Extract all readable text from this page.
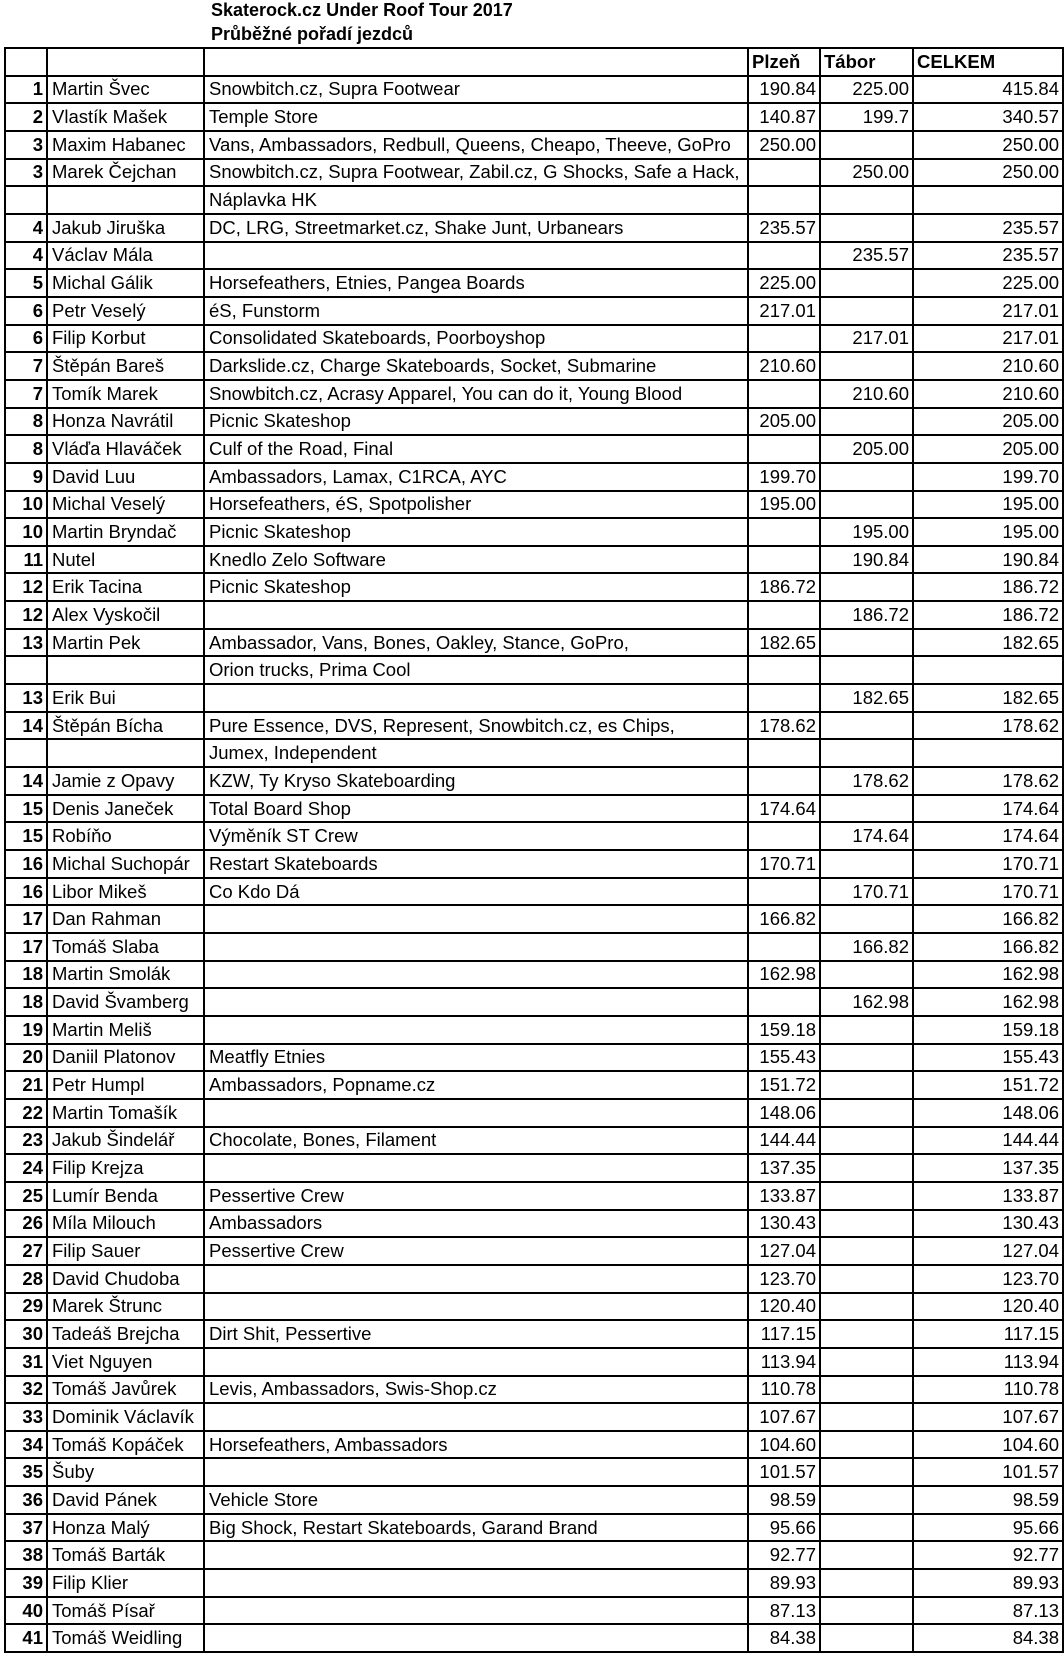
Skaterock.cz Under Roof Tour 2017
Průběžné pořadí jezdců
			Plzeň	Tábor	CELKEM
1	Martin Švec	Snowbitch.cz, Supra Footwear	190.84	225.00	415.84
2	Vlastík Mašek	Temple Store	140.87	199.7	340.57
3	Maxim Habanec	Vans, Ambassadors, Redbull, Queens, Cheapo, Theeve, GoPro	250.00		250.00
3	Marek Čejchan	Snowbitch.cz, Supra Footwear, Zabil.cz, G Shocks, Safe a Hack,		250.00	250.00
		Náplavka HK			
4	Jakub Jiruška	DC, LRG, Streetmarket.cz, Shake Junt, Urbanears	235.57		235.57
4	Václav Mála			235.57	235.57
5	Michal Gálik	Horsefeathers, Etnies, Pangea Boards	225.00		225.00
6	Petr Veselý	éS, Funstorm	217.01		217.01
6	Filip Korbut	Consolidated Skateboards, Poorboyshop		217.01	217.01
7	Štěpán Bareš	Darkslide.cz, Charge Skateboards, Socket, Submarine	210.60		210.60
7	Tomík Marek	Snowbitch.cz, Acrasy Apparel, You can do it, Young Blood		210.60	210.60
8	Honza Navrátil	Picnic Skateshop	205.00		205.00
8	Vláďa Hlaváček	Culf of the Road, Final		205.00	205.00
9	David Luu	Ambassadors, Lamax, C1RCA, AYC	199.70		199.70
10	Michal Veselý	Horsefeathers, éS, Spotpolisher	195.00		195.00
10	Martin Bryndač	Picnic Skateshop		195.00	195.00
11	Nutel	Knedlo Zelo Software		190.84	190.84
12	Erik Tacina	Picnic Skateshop	186.72		186.72
12	Alex Vyskočil			186.72	186.72
13	Martin Pek	Ambassador, Vans, Bones, Oakley, Stance, GoPro,	182.65		182.65
		Orion trucks, Prima Cool			
13	Erik Bui			182.65	182.65
14	Štěpán Bícha	Pure Essence, DVS, Represent, Snowbitch.cz, es Chips,	178.62		178.62
		Jumex, Independent			
14	Jamie z Opavy	KZW, Ty Kryso Skateboarding		178.62	178.62
15	Denis Janeček	Total Board Shop	174.64		174.64
15	Robíňo	Výměník ST Crew		174.64	174.64
16	Michal Suchopár	Restart Skateboards	170.71		170.71
16	Libor Mikeš	Co Kdo Dá		170.71	170.71
17	Dan Rahman		166.82		166.82
17	Tomáš Slaba			166.82	166.82
18	Martin Smolák		162.98		162.98
18	David Švamberg			162.98	162.98
19	Martin Meliš		159.18		159.18
20	Daniil Platonov	Meatfly Etnies	155.43		155.43
21	Petr Humpl	Ambassadors, Popname.cz	151.72		151.72
22	Martin Tomašík		148.06		148.06
23	Jakub Šindelář	Chocolate, Bones, Filament	144.44		144.44
24	Filip Krejza		137.35		137.35
25	Lumír Benda	Pessertive Crew	133.87		133.87
26	Míla Milouch	Ambassadors	130.43		130.43
27	Filip Sauer	Pessertive Crew	127.04		127.04
28	David Chudoba		123.70		123.70
29	Marek Štrunc		120.40		120.40
30	Tadeáš Brejcha	Dirt Shit, Pessertive	117.15		117.15
31	Viet Nguyen		113.94		113.94
32	Tomáš Javůrek	Levis, Ambassadors, Swis-Shop.cz	110.78		110.78
33	Dominik Václavík		107.67		107.67
34	Tomáš Kopáček	Horsefeathers, Ambassadors	104.60		104.60
35	Šuby		101.57		101.57
36	David Pánek	Vehicle Store	98.59		98.59
37	Honza Malý	Big Shock, Restart Skateboards, Garand Brand	95.66		95.66
38	Tomáš Barták		92.77		92.77
39	Filip Klier		89.93		89.93
40	Tomáš Písař		87.13		87.13
41	Tomáš Weidling		84.38		84.38
